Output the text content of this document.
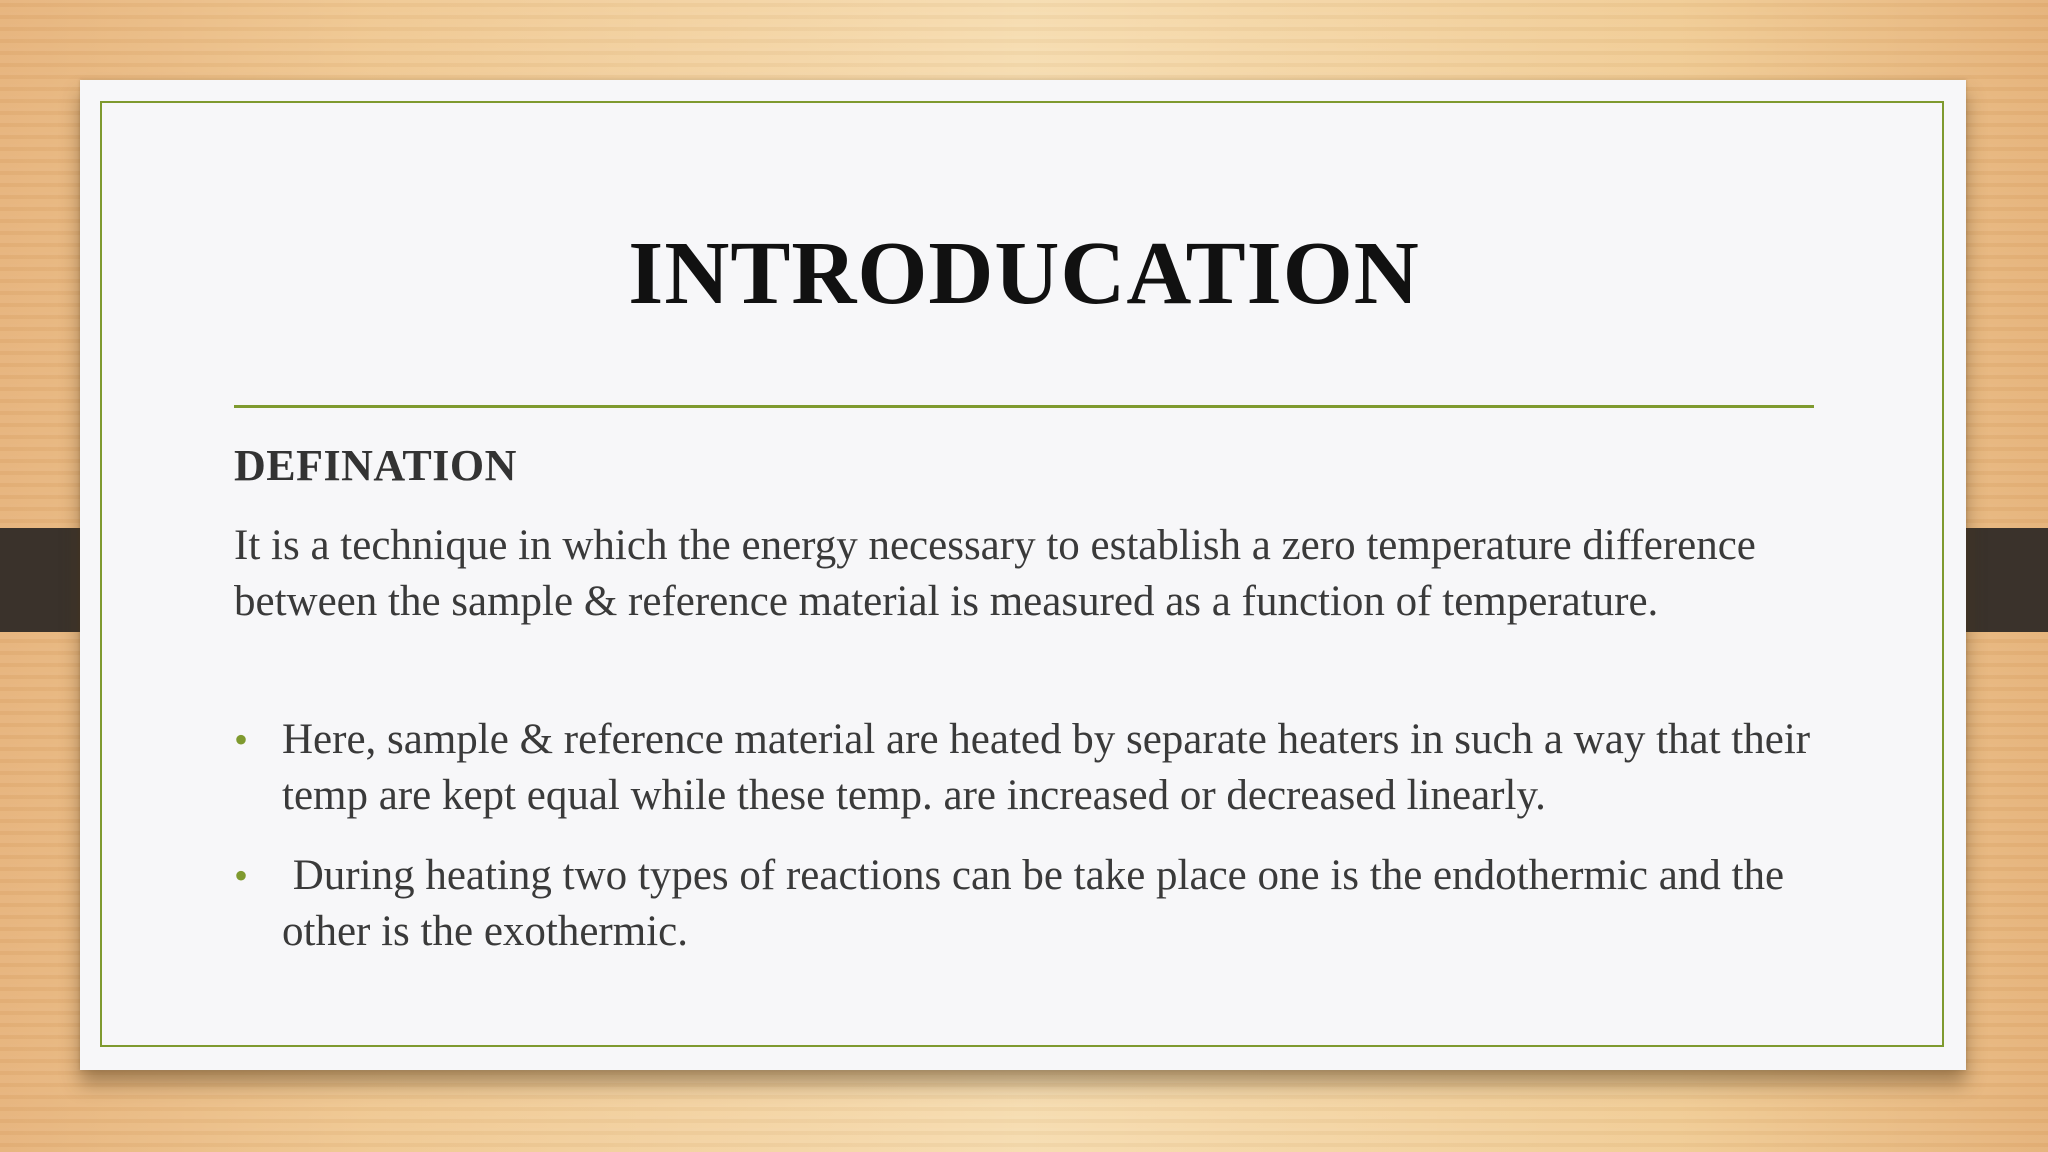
INTRODUCATION
DEFINATION

It is a technique in which the energy necessary to establish a zero temperature difference between the sample & reference material is measured as a function of temperature.

• Here, sample & reference material are heated by separate heaters in such a way that their temp are kept equal while these temp. are increased or decreased linearly.
• During heating two types of reactions can be take place one is the endothermic and the other is the exothermic.
